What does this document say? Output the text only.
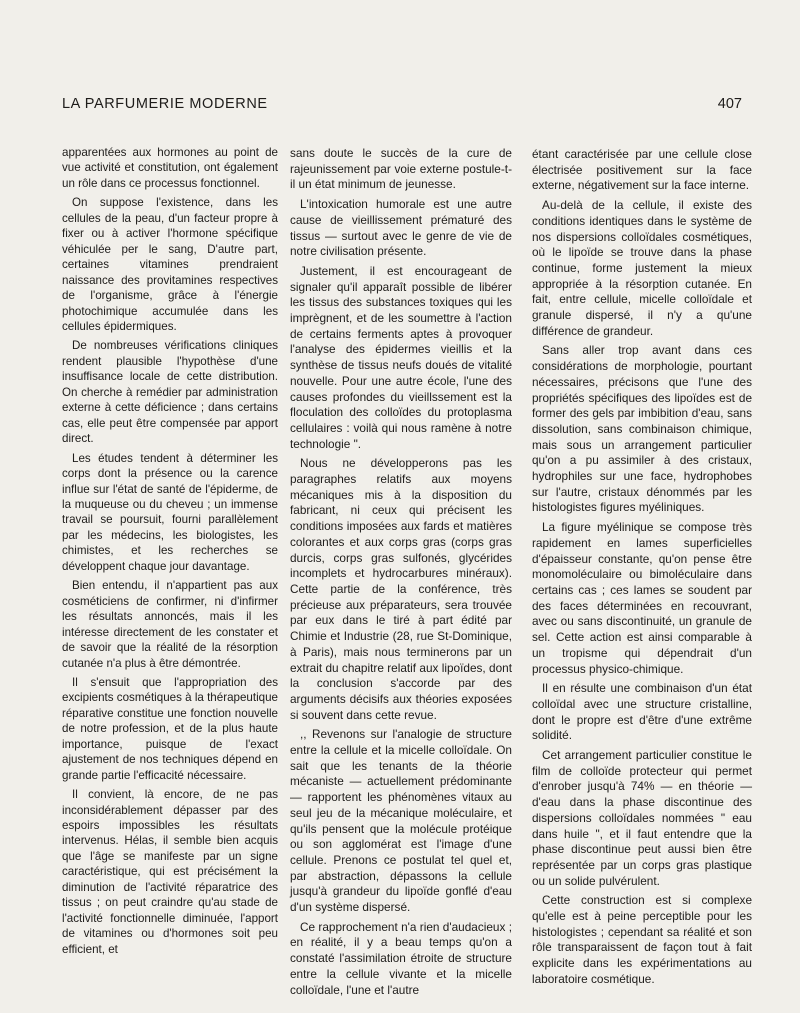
LA PARFUMERIE MODERNE	407

apparentées aux hormones au point de vue activité et constitution, ont également un rôle dans ce processus fonctionnel.

On suppose l'existence, dans les cellules de la peau, d'un facteur propre à fixer ou à activer l'hormone spécifique véhiculée per le sang, D'autre part, certaines vitamines prendraient naissance des provitamines respectives de l'organisme, grâce à l'énergie photochimique accumulée dans les cellules épidermiques.

De nombreuses vérifications cliniques rendent plausible l'hypothèse d'une insuffisance locale de cette distribution. On cherche à remédier par administration externe à cette déficience ; dans certains cas, elle peut être compensée par apport direct.

Les études tendent à déterminer les corps dont la présence ou la carence influe sur l'état de santé de l'épiderme, de la muqueuse ou du cheveu ; un immense travail se poursuit, fourni parallèlement par les médecins, les biologistes, les chimistes, et les recherches se développent chaque jour davantage.

Bien entendu, il n'appartient pas aux cosméticiens de confirmer, ni d'infirmer les résultats annoncés, mais il les intéresse directement de les constater et de savoir que la réalité de la résorption cutanée n'a plus à être démontrée.

Il s'ensuit que l'appropriation des excipients cosmétiques à la thérapeutique réparative constitue une fonction nouvelle de notre profession, et de la plus haute importance, puisque de l'exact ajustement de nos techniques dépend en grande partie l'efficacité nécessaire.

Il convient, là encore, de ne pas inconsidérablement dépasser par des espoirs impossibles les résultats intervenus. Hélas, il semble bien acquis que l'âge se manifeste par un signe caractéristique, qui est précisément la diminution de l'activité réparatrice des tissus ; on peut craindre qu'au stade de l'activité fonctionnelle diminuée, l'apport de vitamines ou d'hormones soit peu efficient, et

sans doute le succès de la cure de rajeunissement par voie externe postule-t-il un état minimum de jeunesse.

L'intoxication humorale est une autre cause de vieillissement prématuré des tissus — surtout avec le genre de vie de notre civilisation présente.

Justement, il est encourageant de signaler qu'il apparaît possible de libérer les tissus des substances toxiques qui les imprègnent, et de les soumettre à l'action de certains ferments aptes à provoquer l'analyse des épidermes vieillis et la synthèse de tissus neufs doués de vitalité nouvelle. Pour une autre école, l'une des causes profondes du vieillssement est la floculation des colloïdes du protoplasma cellulaires : voilà qui nous ramène à notre technologie ".

Nous ne développerons pas les paragraphes relatifs aux moyens mécaniques mis à la disposition du fabricant, ni ceux qui précisent les conditions imposées aux fards et matières colorantes et aux corps gras (corps gras durcis, corps gras sulfonés, glycérides incomplets et hydrocarbures minéraux). Cette partie de la conférence, très précieuse aux préparateurs, sera trouvée par eux dans le tiré à part édité par Chimie et Industrie (28, rue St-Dominique, à Paris), mais nous terminerons par un extrait du chapitre relatif aux lipoïdes, dont la conclusion s'accorde par des arguments décisifs aux théories exposées si souvent dans cette revue.

,, Revenons sur l'analogie de structure entre la cellule et la micelle colloïdale. On sait que les tenants de la théorie mécaniste — actuellement prédominante — rapportent les phénomènes vitaux au seul jeu de la mécanique moléculaire, et qu'ils pensent que la molécule protéique ou son agglomérat est l'image d'une cellule. Prenons ce postulat tel quel et, par abstraction, dépassons la cellule jusqu'à grandeur du lipoïde gonflé d'eau d'un système dispersé.

Ce rapprochement n'a rien d'audacieux ; en réalité, il y a beau temps qu'on a constaté l'assimilation étroite de structure entre la cellule vivante et la micelle colloïdale, l'une et l'autre

étant caractérisée par une cellule close électrisée positivement sur la face externe, négativement sur la face interne.

Au-delà de la cellule, il existe des conditions identiques dans le système de nos dispersions colloïdales cosmétiques, où le lipoïde se trouve dans la phase continue, forme justement la mieux appropriée à la résorption cutanée. En fait, entre cellule, micelle colloïdale et granule dispersé, il n'y a qu'une différence de grandeur.

Sans aller trop avant dans ces considérations de morphologie, pourtant nécessaires, précisons que l'une des propriétés spécifiques des lipoïdes est de former des gels par imbibition d'eau, sans dissolution, sans combinaison chimique, mais sous un arrangement particulier qu'on a pu assimiler à des cristaux, hydrophiles sur une face, hydrophobes sur l'autre, cristaux dénommés par les histologistes figures myéliniques.

La figure myélinique se compose très rapidement en lames superficielles d'épaisseur constante, qu'on pense être monomoléculaire ou bimoléculaire dans certains cas ; ces lames se soudent par des faces déterminées en recouvrant, avec ou sans discontinuité, un granule de sel. Cette action est ainsi comparable à un tropisme qui dépendrait d'un processus physico-chimique.

Il en résulte une combinaison d'un état colloïdal avec une structure cristalline, dont le propre est d'être d'une extrême solidité.

Cet arrangement particulier constitue le film de colloïde protecteur qui permet d'enrober jusqu'à 74% — en théorie — d'eau dans la phase discontinue des dispersions colloïdales nommées " eau dans huile ", et il faut entendre que la phase discontinue peut aussi bien être représentée par un corps gras plastique ou un solide pulvérulent.

Cette construction est si complexe qu'elle est à peine perceptible pour les histologistes ; cependant sa réalité et son rôle transparaissent de façon tout à fait explicite dans les expérimentations au laboratoire cosmétique.
